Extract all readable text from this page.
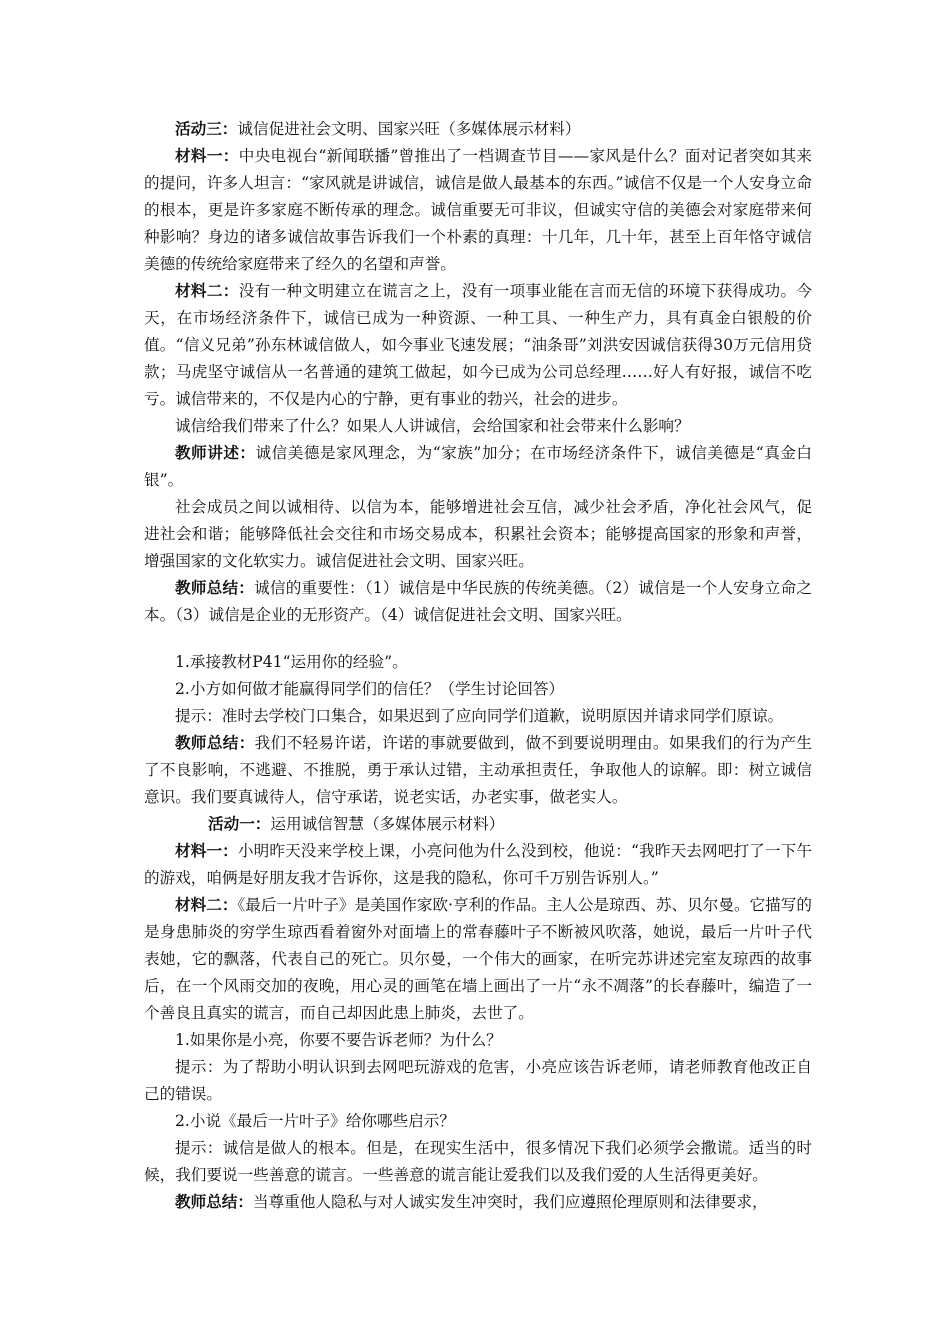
活动三：诚信促进社会文明、国家兴旺（多媒体展示材料）

材料一：中央电视台“新闻联播”曾推出了一档调查节目——家风是什么？面对记者突如其来的提问，许多人坦言：“家风就是讲诚信，诚信是做人最基本的东西。”诚信不仅是一个人安身立命的根本，更是许多家庭不断传承的理念。诚信重要无可非议，但诚实守信的美德会对家庭带来何种影响？身边的诸多诚信故事告诉我们一个朴素的真理：十几年，几十年，甚至上百年恪守诚信美德的传统给家庭带来了经久的名望和声誉。

材料二：没有一种文明建立在谎言之上，没有一项事业能在言而无信的环境下获得成功。今天，在市场经济条件下，诚信已成为一种资源、一种工具、一种生产力，具有真金白银般的价值。“信义兄弟”孙东林诚信做人，如今事业飞速发展；“油条哥”刘洪安因诚信获得30万元信用贷款；马虎坚守诚信从一名普通的建筑工做起，如今已成为公司总经理……好人有好报，诚信不吃亏。诚信带来的，不仅是内心的宁静，更有事业的勃兴，社会的进步。

诚信给我们带来了什么？如果人人讲诚信，会给国家和社会带来什么影响？

教师讲述：诚信美德是家风理念，为“家族”加分；在市场经济条件下，诚信美德是“真金白银”。

社会成员之间以诚相待、以信为本，能够增进社会互信，减少社会矛盾，净化社会风气，促进社会和谐；能够降低社会交往和市场交易成本，积累社会资本；能够提高国家的形象和声誉，增强国家的文化软实力。诚信促进社会文明、国家兴旺。

教师总结：诚信的重要性：（1）诚信是中华民族的传统美德。（2）诚信是一个人安身立命之本。（3）诚信是企业的无形资产。（4）诚信促进社会文明、国家兴旺。

1.承接教材P41“运用你的经验”。

2.小方如何做才能赢得同学们的信任？（学生讨论回答）

提示：准时去学校门口集合，如果迟到了应向同学们道歉，说明原因并请求同学们原谅。

教师总结：我们不轻易许诺，许诺的事就要做到，做不到要说明理由。如果我们的行为产生了不良影响，不逃避、不推脱，勇于承认过错，主动承担责任，争取他人的谅解。即：树立诚信意识。我们要真诚待人，信守承诺，说老实话，办老实事，做老实人。

活动一：运用诚信智慧（多媒体展示材料）

材料一：小明昨天没来学校上课，小亮问他为什么没到校，他说：“我昨天去网吧打了一下午的游戏，咱俩是好朋友我才告诉你，这是我的隐私，你可千万别告诉别人。”

材料二：《最后一片叶子》是美国作家欧·亨利的作品。主人公是琼西、苏、贝尔曼。它描写的是身患肺炎的穷学生琼西看着窗外对面墙上的常春藤叶子不断被风吹落，她说，最后一片叶子代表她，它的飘落，代表自己的死亡。贝尔曼，一个伟大的画家，在听完苏讲述完室友琼西的故事后，在一个风雨交加的夜晚，用心灵的画笔在墙上画出了一片“永不凋落”的长春藤叶，编造了一个善良且真实的谎言，而自己却因此患上肺炎，去世了。

1.如果你是小亮，你要不要告诉老师？为什么？

提示：为了帮助小明认识到去网吧玩游戏的危害，小亮应该告诉老师，请老师教育他改正自己的错误。

2.小说《最后一片叶子》给你哪些启示？

提示：诚信是做人的根本。但是，在现实生活中，很多情况下我们必须学会撒谎。适当的时候，我们要说一些善意的谎言。一些善意的谎言能让爱我们以及我们爱的人生活得更美好。

教师总结：当尊重他人隐私与对人诚实发生冲突时，我们应遵照伦理原则和法律要求，
